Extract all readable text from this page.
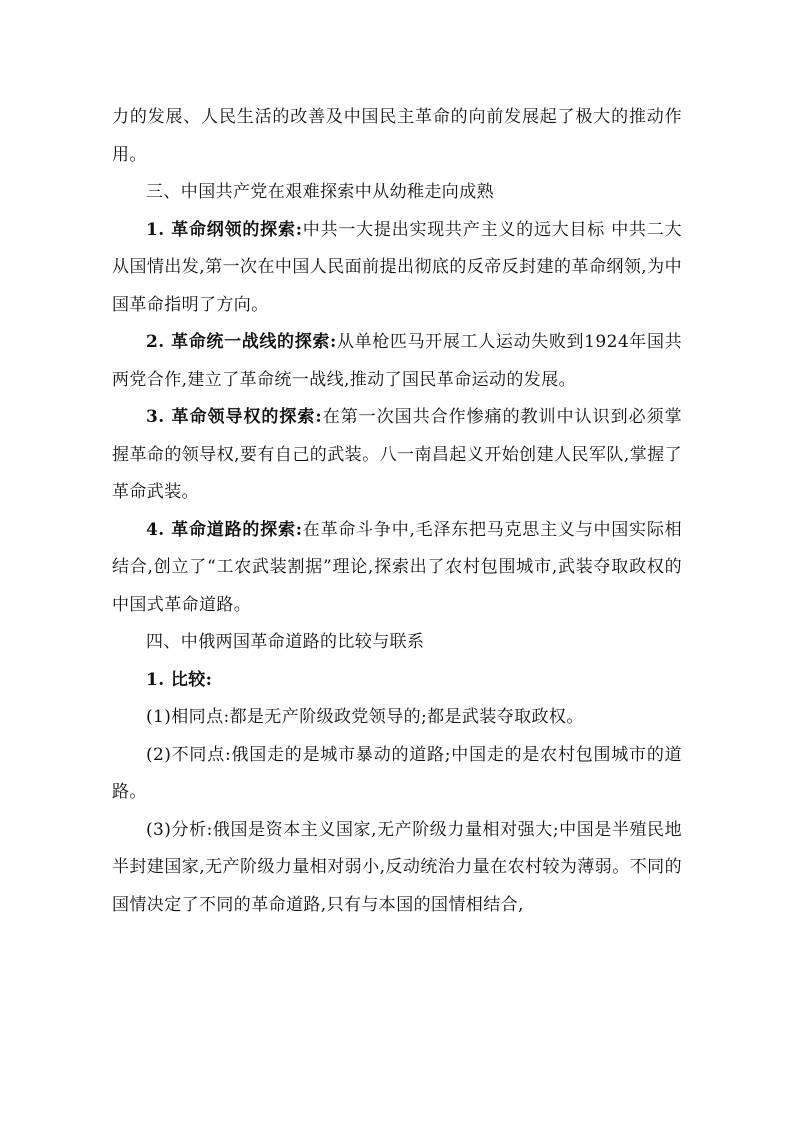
力的发展、人民生活的改善及中国民主革命的向前发展起了极大的推动作用。

三、中国共产党在艰难探索中从幼稚走向成熟

1. 革命纲领的探索:中共一大提出实现共产主义的远大目标 中共二大从国情出发,第一次在中国人民面前提出彻底的反帝反封建的革命纲领,为中国革命指明了方向。

2. 革命统一战线的探索:从单枪匹马开展工人运动失败到1924年国共两党合作,建立了革命统一战线,推动了国民革命运动的发展。

3. 革命领导权的探索:在第一次国共合作惨痛的教训中认识到必须掌握革命的领导权,要有自己的武装。八一南昌起义开始创建人民军队,掌握了革命武装。

4. 革命道路的探索:在革命斗争中,毛泽东把马克思主义与中国实际相结合,创立了“工农武装割据”理论,探索出了农村包围城市,武装夺取政权的中国式革命道路。

四、中俄两国革命道路的比较与联系

1. 比较:

(1)相同点:都是无产阶级政党领导的;都是武装夺取政权。

(2)不同点:俄国走的是城市暴动的道路;中国走的是农村包围城市的道路。

(3)分析:俄国是资本主义国家,无产阶级力量相对强大;中国是半殖民地半封建国家,无产阶级力量相对弱小,反动统治力量在农村较为薄弱。不同的国情决定了不同的革命道路,只有与本国的国情相结合,
